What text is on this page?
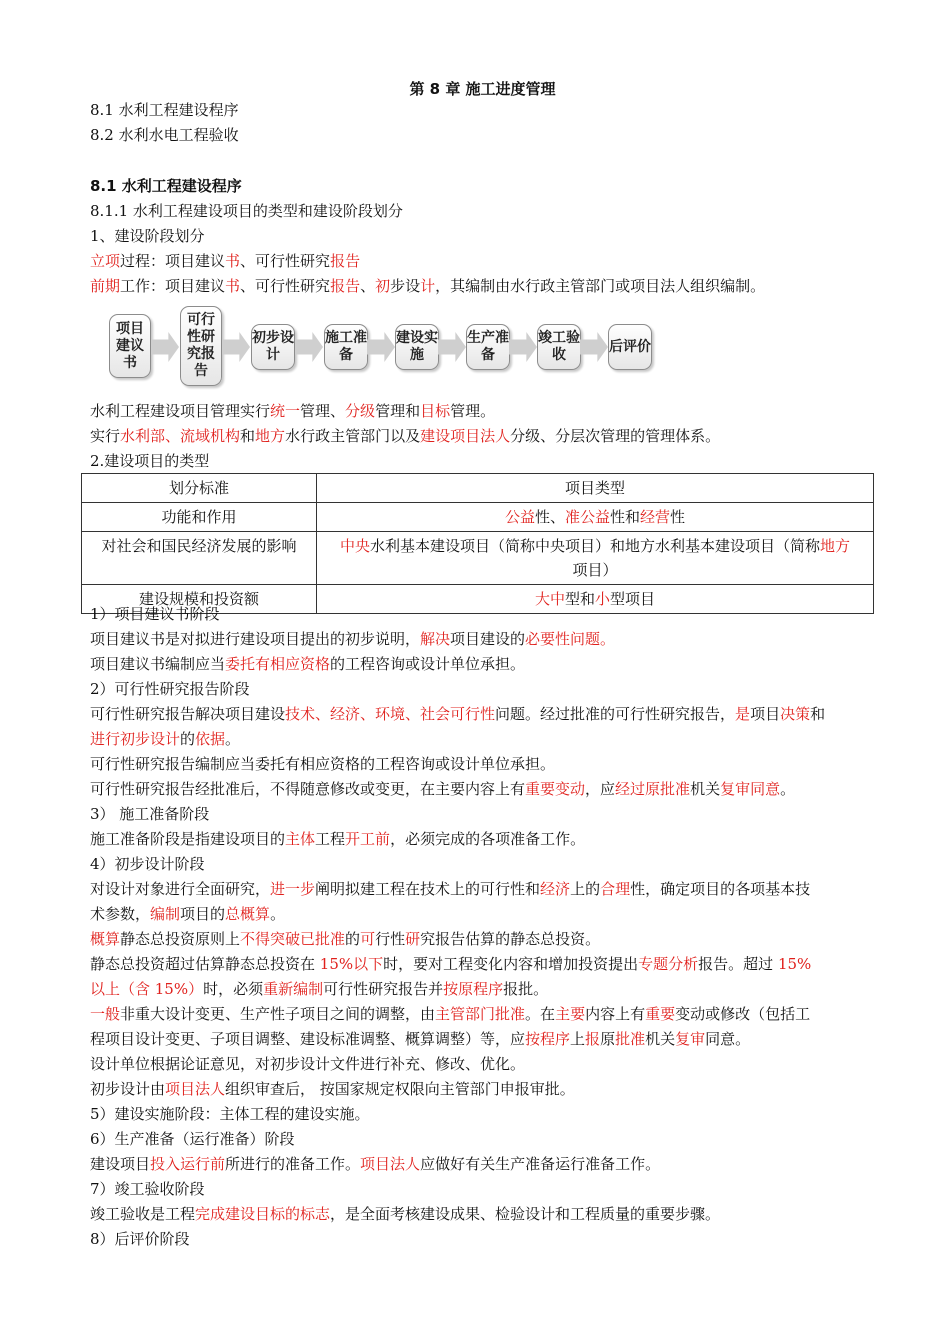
第 8 章 施工进度管理
8.1 水利工程建设程序
8.2 水利水电工程验收
8.1 水利工程建设程序
8.1.1 水利工程建设项目的类型和建设阶段划分
1、建设阶段划分
立项过程：项目建议书、可行性研究报告
前期工作：项目建议书、可行性研究报告、初步设计，其编制由水行政主管部门或项目法人组织编制。
项目建议书
可行性研究报告
初步设计
施工准备
建设实施
生产准备
竣工验收
后评价
水利工程建设项目管理实行统一管理、分级管理和目标管理。
实行水利部、流域机构和地方水行政主管部门以及建设项目法人分级、分层次管理的管理体系。
2.建设项目的类型
划分标准	项目类型
功能和作用	公益性、准公益性和经营性
对社会和国民经济发展的影响	中央水利基本建设项目（简称中央项目）和地方水利基本建设项目（简称地方项目）
建设规模和投资额	大中型和小型项目
1）项目建议书阶段
项目建议书是对拟进行建设项目提出的初步说明，解决项目建设的必要性问题。
项目建议书编制应当委托有相应资格的工程咨询或设计单位承担。
2）可行性研究报告阶段
可行性研究报告解决项目建设技术、经济、环境、社会可行性问题。经过批准的可行性研究报告，是项目决策和
进行初步设计的依据。
可行性研究报告编制应当委托有相应资格的工程咨询或设计单位承担。
可行性研究报告经批准后，不得随意修改或变更，在主要内容上有重要变动，应经过原批准机关复审同意。
3） 施工准备阶段
施工准备阶段是指建设项目的主体工程开工前，必须完成的各项准备工作。
4）初步设计阶段
对设计对象进行全面研究，进一步阐明拟建工程在技术上的可行性和经济上的合理性，确定项目的各项基本技
术参数，编制项目的总概算。
概算静态总投资原则上不得突破已批准的可行性研究报告估算的静态总投资。
静态总投资超过估算静态总投资在 15%以下时，要对工程变化内容和增加投资提出专题分析报告。超过 15%
以上（含 15%）时，必须重新编制可行性研究报告并按原程序报批。
一般非重大设计变更、生产性子项目之间的调整，由主管部门批准。在主要内容上有重要变动或修改（包括工
程项目设计变更、子项目调整、建设标准调整、概算调整）等，应按程序上报原批准机关复审同意。
设计单位根据论证意见，对初步设计文件进行补充、修改、优化。
初步设计由项目法人组织审查后， 按国家规定权限向主管部门申报审批。
5）建设实施阶段：主体工程的建设实施。
6）生产准备（运行准备）阶段
建设项目投入运行前所进行的准备工作。项目法人应做好有关生产准备运行准备工作。
7）竣工验收阶段
竣工验收是工程完成建设目标的标志，是全面考核建设成果、检验设计和工程质量的重要步骤。
8）后评价阶段
